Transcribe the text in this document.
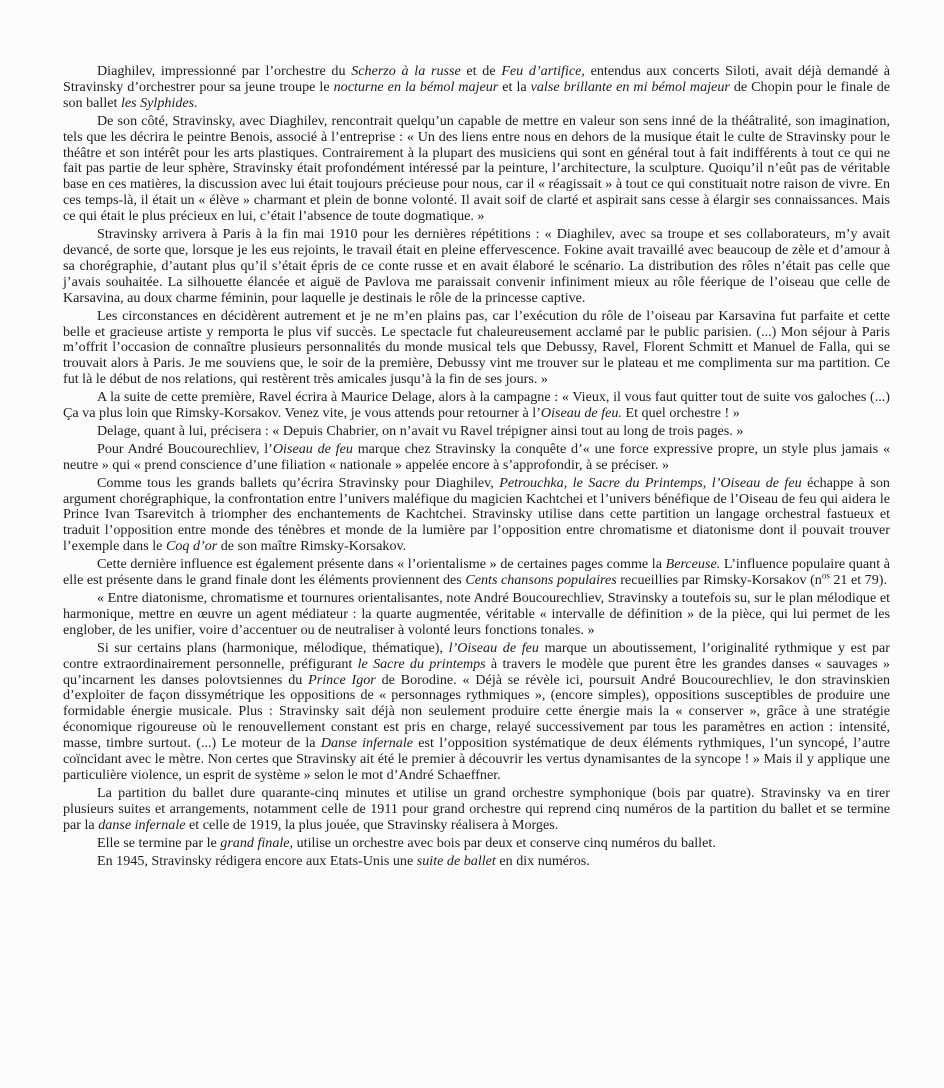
Diaghilev, impressionné par l’orchestre du Scherzo à la russe et de Feu d’artifice, entendus aux concerts Siloti, avait déjà demandé à Stravinsky d’orchestrer pour sa jeune troupe le nocturne en la bémol majeur et la valse brillante en mi bémol majeur de Chopin pour le finale de son ballet les Sylphides.

De son côté, Stravinsky, avec Diaghilev, rencontrait quelqu’un capable de mettre en valeur son sens inné de la théâtralité, son imagination, tels que les décrira le peintre Benois, associé à l’entreprise : « Un des liens entre nous en dehors de la musique était le culte de Stravinsky pour le théâtre et son intérêt pour les arts plastiques. Contrairement à la plupart des musiciens qui sont en général tout à fait indifférents à tout ce qui ne fait pas partie de leur sphère, Stravinsky était profondément intéressé par la peinture, l’architecture, la sculpture. Quoiqu’il n’eût pas de véritable base en ces matières, la discussion avec lui était toujours précieuse pour nous, car il « réagissait » à tout ce qui constituait notre raison de vivre. En ces temps-là, il était un « élève » charmant et plein de bonne volonté. Il avait soif de clarté et aspirait sans cesse à élargir ses connaissances. Mais ce qui était le plus précieux en lui, c’était l’absence de toute dogmatique. »

Stravinsky arrivera à Paris à la fin mai 1910 pour les dernières répétitions : « Diaghilev, avec sa troupe et ses collaborateurs, m’y avait devancé, de sorte que, lorsque je les eus rejoints, le travail était en pleine effervescence. Fokine avait travaillé avec beaucoup de zèle et d’amour à sa chorégraphie, d’autant plus qu’il s’était épris de ce conte russe et en avait élaboré le scénario. La distribution des rôles n’était pas celle que j’avais souhaitée. La silhouette élancée et aiguë de Pavlova me paraissait convenir infiniment mieux au rôle féerique de l’oiseau que celle de Karsavina, au doux charme féminin, pour laquelle je destinais le rôle de la princesse captive.

Les circonstances en décidèrent autrement et je ne m’en plains pas, car l’exécution du rôle de l’oiseau par Karsavina fut parfaite et cette belle et gracieuse artiste y remporta le plus vif succès. Le spectacle fut chaleureusement acclamé par le public parisien. (...) Mon séjour à Paris m’offrit l’occasion de connaître plusieurs personnalités du monde musical tels que Debussy, Ravel, Florent Schmitt et Manuel de Falla, qui se trouvait alors à Paris. Je me souviens que, le soir de la première, Debussy vint me trouver sur le plateau et me complimenta sur ma partition. Ce fut là le début de nos relations, qui restèrent très amicales jusqu’à la fin de ses jours. »

A la suite de cette première, Ravel écrira à Maurice Delage, alors à la campagne : « Vieux, il vous faut quitter tout de suite vos galoches (...) Ça va plus loin que Rimsky-Korsakov. Venez vite, je vous attends pour retourner à l’Oiseau de feu. Et quel orchestre ! »

Delage, quant à lui, précisera : « Depuis Chabrier, on n’avait vu Ravel trépigner ainsi tout au long de trois pages. »

Pour André Boucourechliev, l’Oiseau de feu marque chez Stravinsky la conquête d’« une force expressive propre, un style plus jamais « neutre » qui « prend conscience d’une filiation « nationale » appelée encore à s’approfondir, à se préciser. »

Comme tous les grands ballets qu’écrira Stravinsky pour Diaghilev, Petrouchka, le Sacre du Printemps, l’Oiseau de feu échappe à son argument chorégraphique, la confrontation entre l’univers maléfique du magicien Kachtchei et l’univers bénéfique de l’Oiseau de feu qui aidera le Prince Ivan Tsarevitch à triompher des enchantements de Kachtchei. Stravinsky utilise dans cette partition un langage orchestral fastueux et traduit l’opposition entre monde des ténèbres et monde de la lumière par l’opposition entre chromatisme et diatonisme dont il pouvait trouver l’exemple dans le Coq d’or de son maître Rimsky-Korsakov.

Cette dernière influence est également présente dans « l’orientalisme » de certaines pages comme la Berceuse. L’influence populaire quant à elle est présente dans le grand finale dont les éléments proviennent des Cents chansons populaires recueillies par Rimsky-Korsakov ($n^{os}$ 21 et 79).

« Entre diatonisme, chromatisme et tournures orientalisantes, note André Boucourechliev, Stravinsky a toutefois su, sur le plan mélodique et harmonique, mettre en œuvre un agent médiateur : la quarte augmentée, véritable « intervalle de définition » de la pièce, qui lui permet de les englober, de les unifier, voire d’accentuer ou de neutraliser à volonté leurs fonctions tonales. »

Si sur certains plans (harmonique, mélodique, thématique), l’Oiseau de feu marque un aboutissement, l’originalité rythmique y est par contre extraordinairement personnelle, préfigurant le Sacre du printemps à travers le modèle que purent être les grandes danses « sauvages » qu’incarnent les danses polovtsiennes du Prince Igor de Borodine. « Déjà se révèle ici, poursuit André Boucourechliev, le don stravinskien d’exploiter de façon dissymétrique les oppositions de « personnages rythmiques », (encore simples), oppositions susceptibles de produire une formidable énergie musicale. Plus : Stravinsky sait déjà non seulement produire cette énergie mais la « conserver », grâce à une stratégie économique rigoureuse où le renouvellement constant est pris en charge, relayé successivement par tous les paramètres en action : intensité, masse, timbre surtout. (...) Le moteur de la Danse infernale est l’opposition systématique de deux éléments rythmiques, l’un syncopé, l’autre coïncidant avec le mètre. Non certes que Stravinsky ait été le premier à découvrir les vertus dynamisantes de la syncope ! » Mais il y applique une particulière violence, un esprit de système » selon le mot d’André Schaeffner.

La partition du ballet dure quarante-cinq minutes et utilise un grand orchestre symphonique (bois par quatre). Stravinsky va en tirer plusieurs suites et arrangements, notamment celle de 1911 pour grand orchestre qui reprend cinq numéros de la partition du ballet et se termine par la danse infernale et celle de 1919, la plus jouée, que Stravinsky réalisera à Morges.

Elle se termine par le grand finale, utilise un orchestre avec bois par deux et conserve cinq numéros du ballet.

En 1945, Stravinsky rédigera encore aux Etats-Unis une suite de ballet en dix numéros.
